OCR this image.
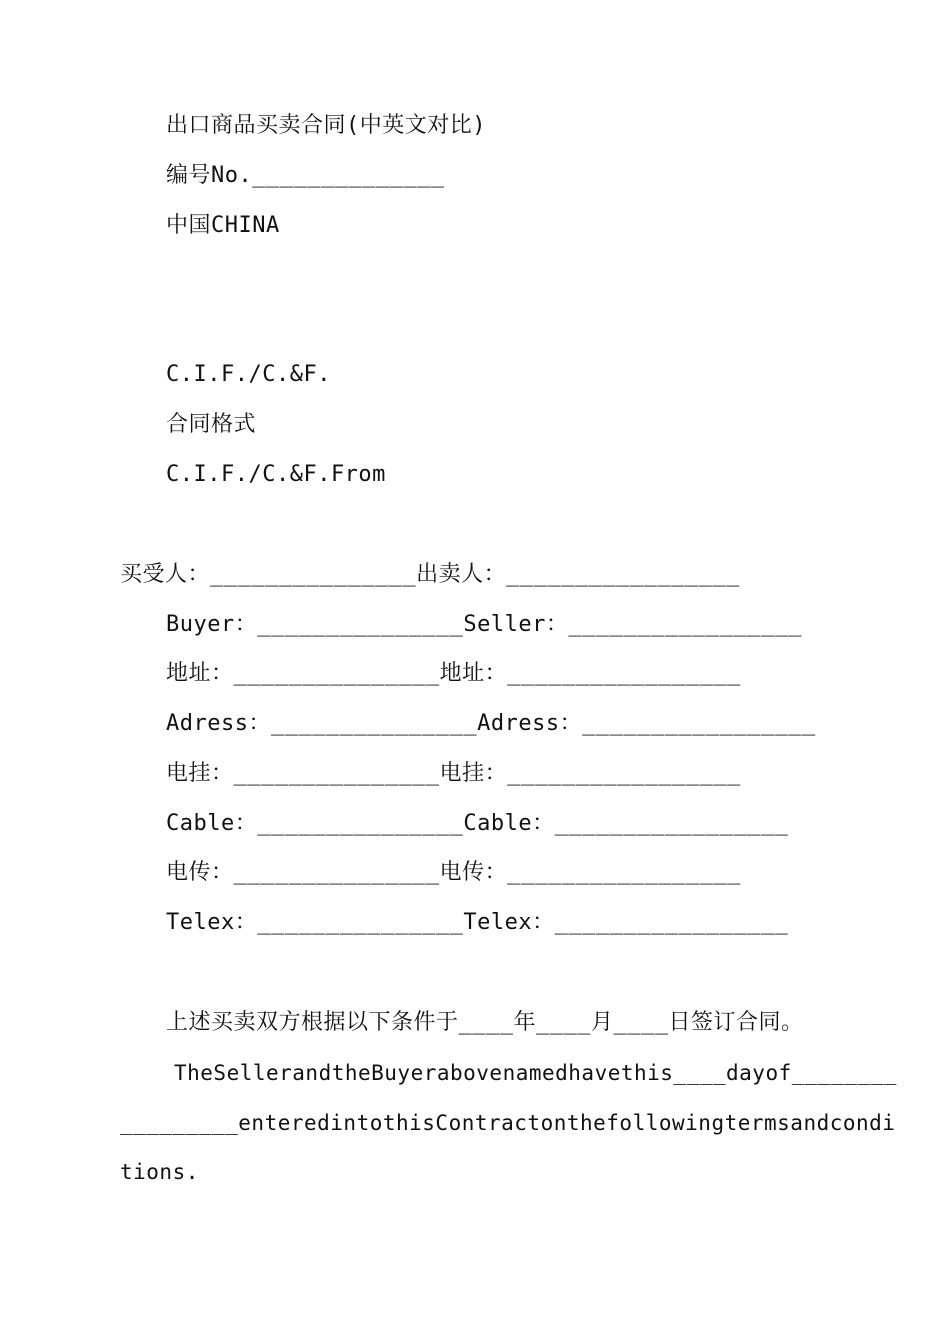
出口商品买卖合同(中英文对比)
编号No.______________
中国CHINA
C.I.F./C.&F.
合同格式
C.I.F./C.&F.From
买受人：_______________出卖人：_________________
Buyer：_______________Seller：_________________
地址：_______________地址：_________________
Adress：_______________Adress：_________________
电挂：_______________电挂：_________________
Cable：_______________Cable：_________________
电传：_______________电传：_________________
Telex：_______________Telex：_________________
上述买卖双方根据以下条件于____年____月____日签订合同。
TheSellerandtheBuyerabovenamedhavethis____dayof________
_________enteredintothisContractonthefollowingtermsandcondi
tions.
